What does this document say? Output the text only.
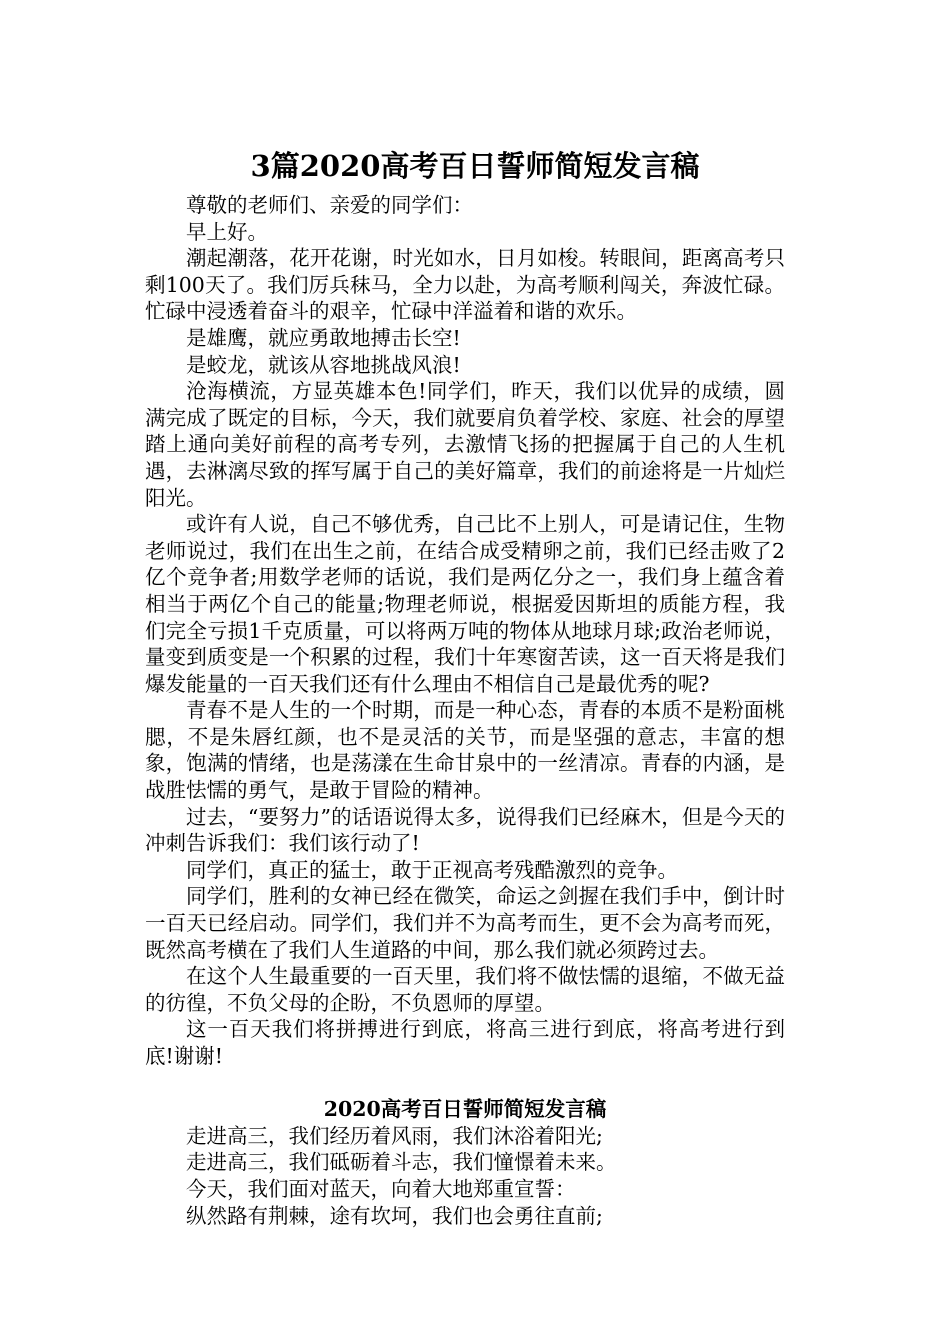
3篇2020高考百日誓师简短发言稿

尊敬的老师们、亲爱的同学们：

早上好。

潮起潮落，花开花谢，时光如水，日月如梭。转眼间，距离高考只剩100天了。我们厉兵秣马，全力以赴，为高考顺利闯关，奔波忙碌。忙碌中浸透着奋斗的艰辛，忙碌中洋溢着和谐的欢乐。

是雄鹰，就应勇敢地搏击长空!

是蛟龙，就该从容地挑战风浪!

沧海横流，方显英雄本色!同学们，昨天，我们以优异的成绩，圆满完成了既定的目标，今天，我们就要肩负着学校、家庭、社会的厚望踏上通向美好前程的高考专列，去激情飞扬的把握属于自己的人生机遇，去淋漓尽致的挥写属于自己的美好篇章，我们的前途将是一片灿烂阳光。

或许有人说，自己不够优秀，自己比不上别人，可是请记住，生物老师说过，我们在出生之前，在结合成受精卵之前，我们已经击败了2亿个竞争者;用数学老师的话说，我们是两亿分之一，我们身上蕴含着相当于两亿个自己的能量;物理老师说，根据爱因斯坦的质能方程，我们完全亏损1千克质量，可以将两万吨的物体从地球月球;政治老师说，量变到质变是一个积累的过程，我们十年寒窗苦读，这一百天将是我们爆发能量的一百天我们还有什么理由不相信自己是最优秀的呢?

青春不是人生的一个时期，而是一种心态，青春的本质不是粉面桃腮，不是朱唇红颜，也不是灵活的关节，而是坚强的意志，丰富的想象，饱满的情绪，也是荡漾在生命甘泉中的一丝清凉。青春的内涵，是战胜怯懦的勇气，是敢于冒险的精神。

过去，“要努力”的话语说得太多，说得我们已经麻木，但是今天的冲刺告诉我们：我们该行动了!

同学们，真正的猛士，敢于正视高考残酷激烈的竞争。

同学们，胜利的女神已经在微笑，命运之剑握在我们手中，倒计时一百天已经启动。同学们，我们并不为高考而生，更不会为高考而死，既然高考横在了我们人生道路的中间，那么我们就必须跨过去。

在这个人生最重要的一百天里，我们将不做怯懦的退缩，不做无益的彷徨，不负父母的企盼，不负恩师的厚望。

这一百天我们将拼搏进行到底，将高三进行到底，将高考进行到底!谢谢!

2020高考百日誓师简短发言稿

走进高三，我们经历着风雨，我们沐浴着阳光;

走进高三，我们砥砺着斗志，我们憧憬着未来。

今天，我们面对蓝天，向着大地郑重宣誓：

纵然路有荆棘，途有坎坷，我们也会勇往直前;
